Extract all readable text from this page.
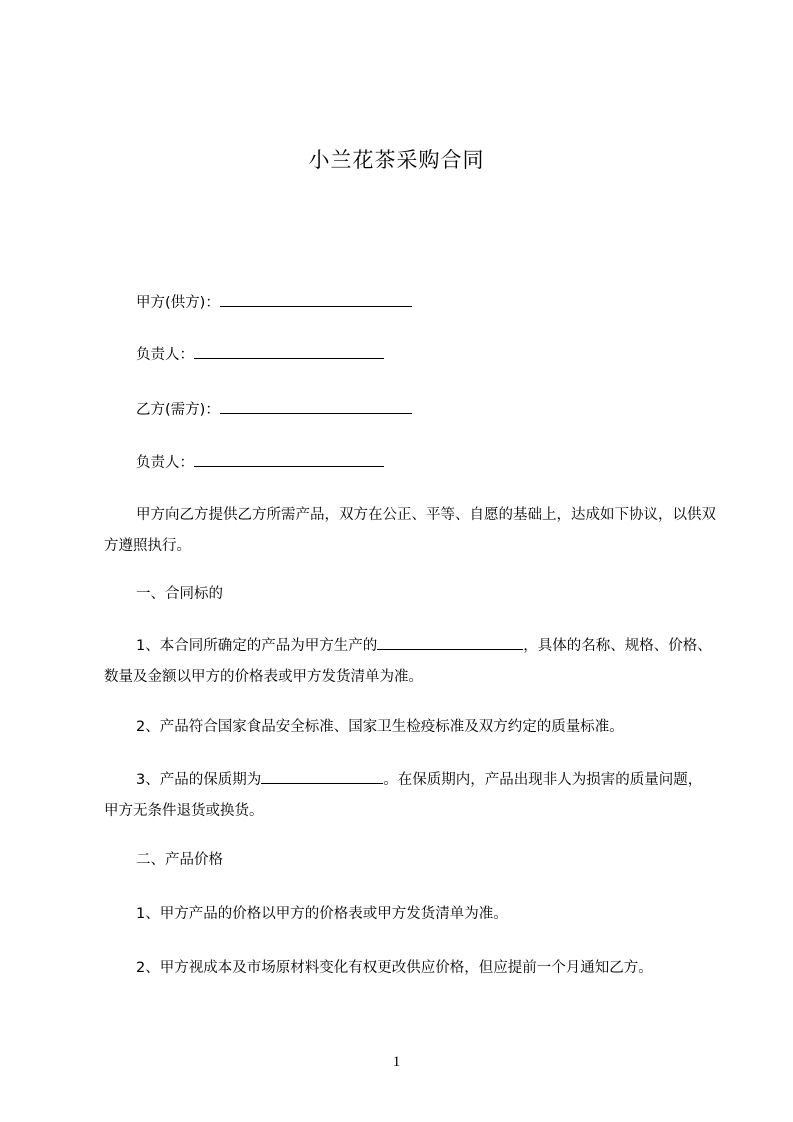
小兰花茶采购合同
甲方(供方)：
负责人：
乙方(需方)：
负责人：
甲方向乙方提供乙方所需产品，双方在公正、平等、自愿的基础上，达成如下协议，以供双方遵照执行。
一、合同标的
1、本合同所确定的产品为甲方生产的	，具体的名称、规格、价格、数量及金额以甲方的价格表或甲方发货清单为准。
2、产品符合国家食品安全标准、国家卫生检疫标准及双方约定的质量标准。
3、产品的保质期为	。在保质期内，产品出现非人为损害的质量问题，甲方无条件退货或换货。
二、产品价格
1、甲方产品的价格以甲方的价格表或甲方发货清单为准。
2、甲方视成本及市场原材料变化有权更改供应价格，但应提前一个月通知乙方。
1
